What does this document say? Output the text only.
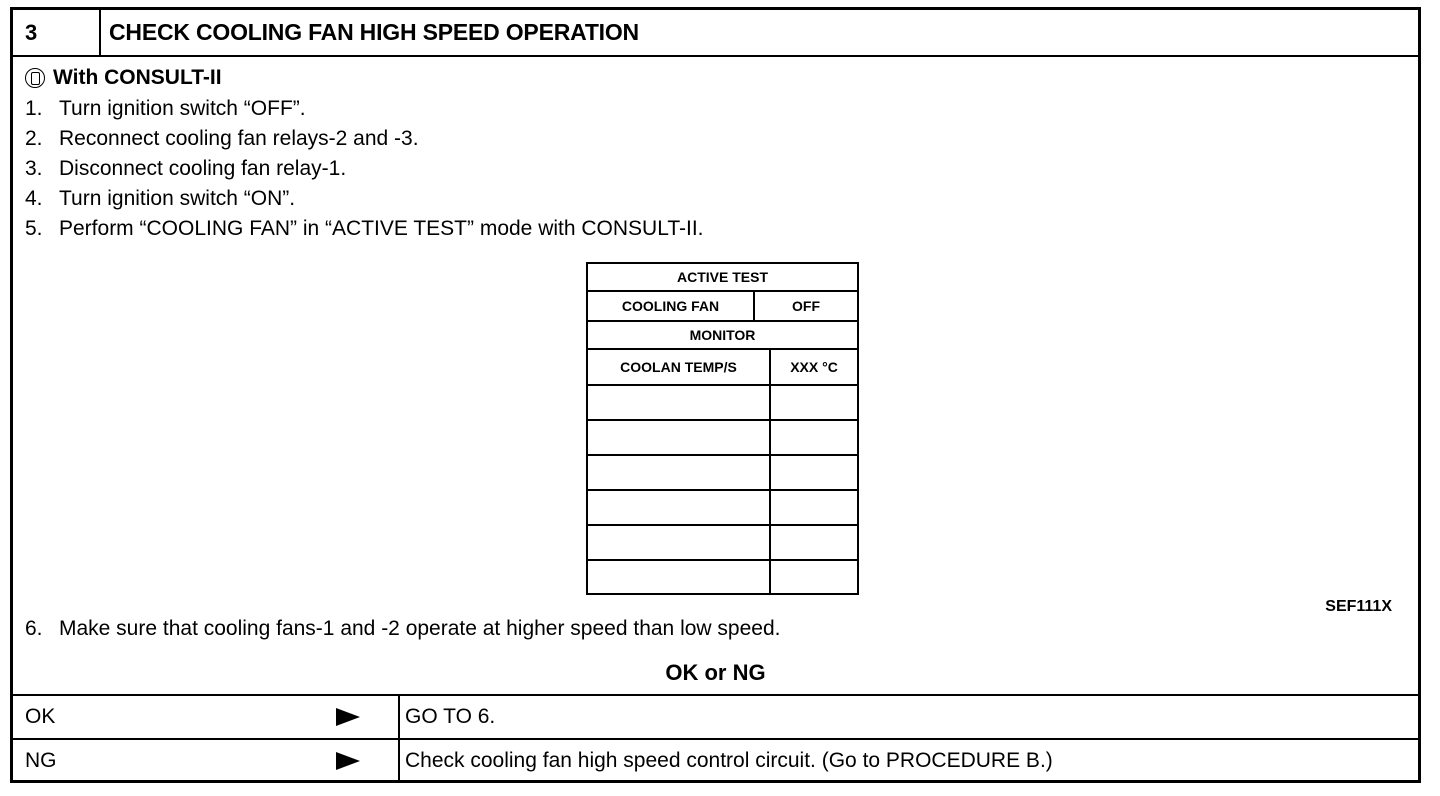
3	CHECK COOLING FAN HIGH SPEED OPERATION
With CONSULT-II
1. Turn ignition switch “OFF”.
2. Reconnect cooling fan relays-2 and -3.
3. Disconnect cooling fan relay-1.
4. Turn ignition switch “ON”.
5. Perform “COOLING FAN” in “ACTIVE TEST” mode with CONSULT-II.
ACTIVE TEST
COOLING FAN	OFF
MONITOR
COOLAN TEMP/S	XXX °C
SEF111X
6. Make sure that cooling fans-1 and -2 operate at higher speed than low speed.
OK or NG
OK	GO TO 6.
NG	Check cooling fan high speed control circuit. (Go to PROCEDURE B.)
